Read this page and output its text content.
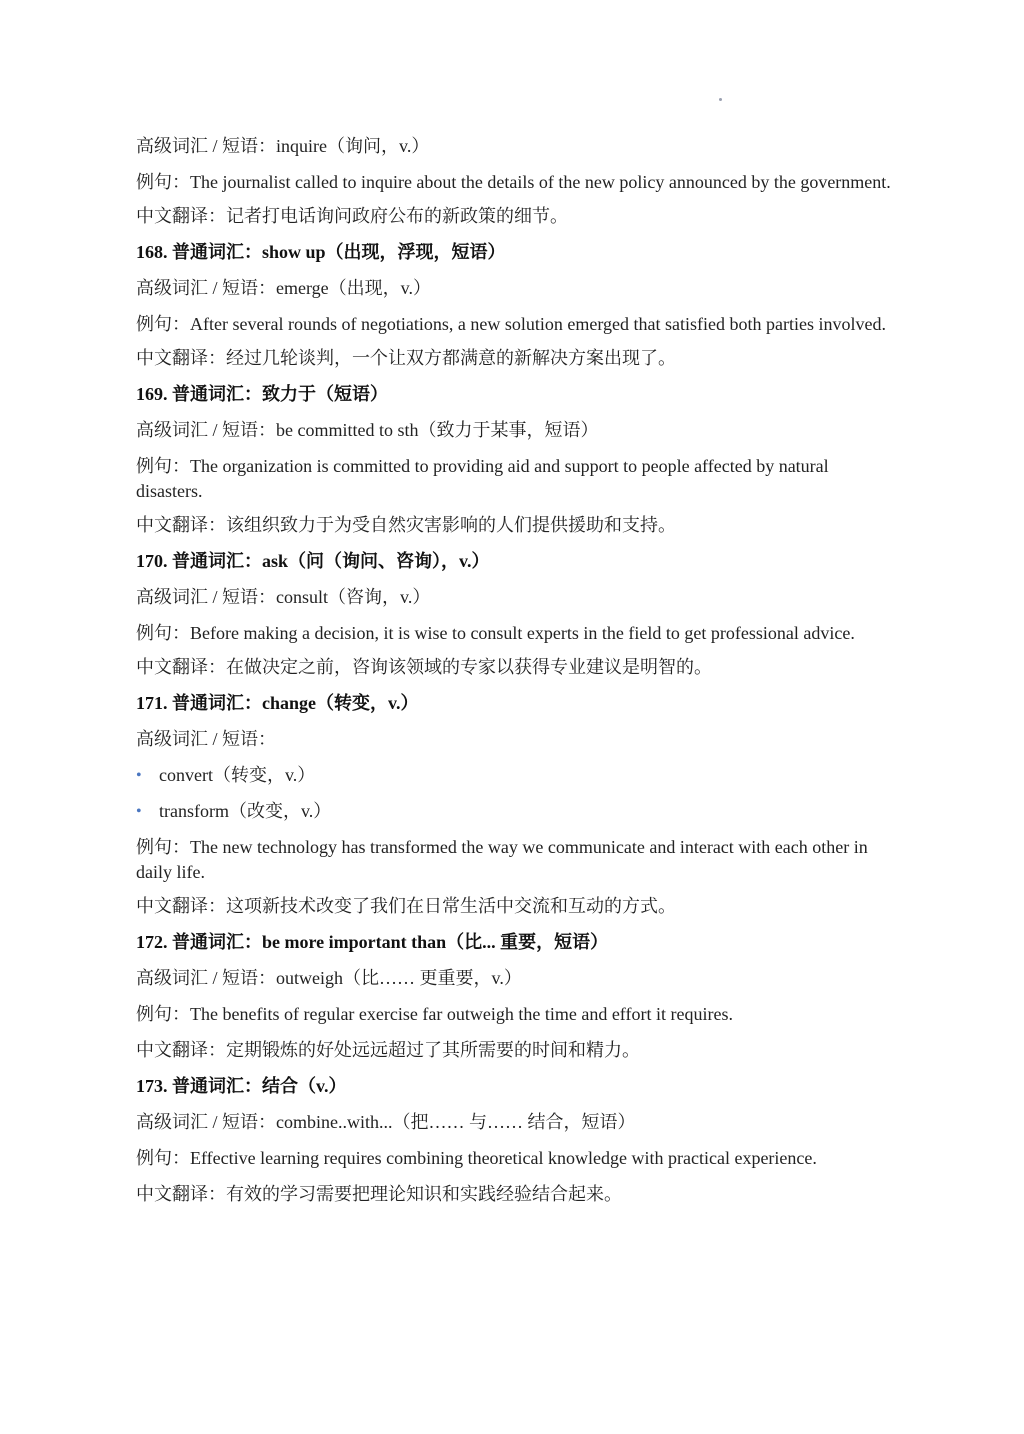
高级词汇 / 短语：inquire（询问，v.）
例句：The journalist called to inquire about the details of the new policy announced by the government.
中文翻译：记者打电话询问政府公布的新政策的细节。
168. 普通词汇：show up（出现，浮现，短语）
高级词汇 / 短语：emerge（出现，v.）
例句：After several rounds of negotiations, a new solution emerged that satisfied both parties involved.
中文翻译：经过几轮谈判，一个让双方都满意的新解决方案出现了。
169. 普通词汇：致力于（短语）
高级词汇 / 短语：be committed to sth（致力于某事，短语）
例句：The organization is committed to providing aid and support to people affected by natural disasters.
中文翻译：该组织致力于为受自然灾害影响的人们提供援助和支持。
170. 普通词汇：ask（问（询问、咨询），v.）
高级词汇 / 短语：consult（咨询，v.）
例句：Before making a decision, it is wise to consult experts in the field to get professional advice.
中文翻译：在做决定之前，咨询该领域的专家以获得专业建议是明智的。
171. 普通词汇：change（转变，v.）
高级词汇 / 短语：
• convert（转变，v.）
• transform（改变，v.）
例句：The new technology has transformed the way we communicate and interact with each other in daily life.
中文翻译：这项新技术改变了我们在日常生活中交流和互动的方式。
172. 普通词汇：be more important than（比... 重要，短语）
高级词汇 / 短语：outweigh（比…… 更重要，v.）
例句：The benefits of regular exercise far outweigh the time and effort it requires.
中文翻译：定期锻炼的好处远远超过了其所需要的时间和精力。
173. 普通词汇：结合（v.）
高级词汇 / 短语：combine..with...（把…… 与…… 结合，短语）
例句：Effective learning requires combining theoretical knowledge with practical experience.
中文翻译：有效的学习需要把理论知识和实践经验结合起来。
